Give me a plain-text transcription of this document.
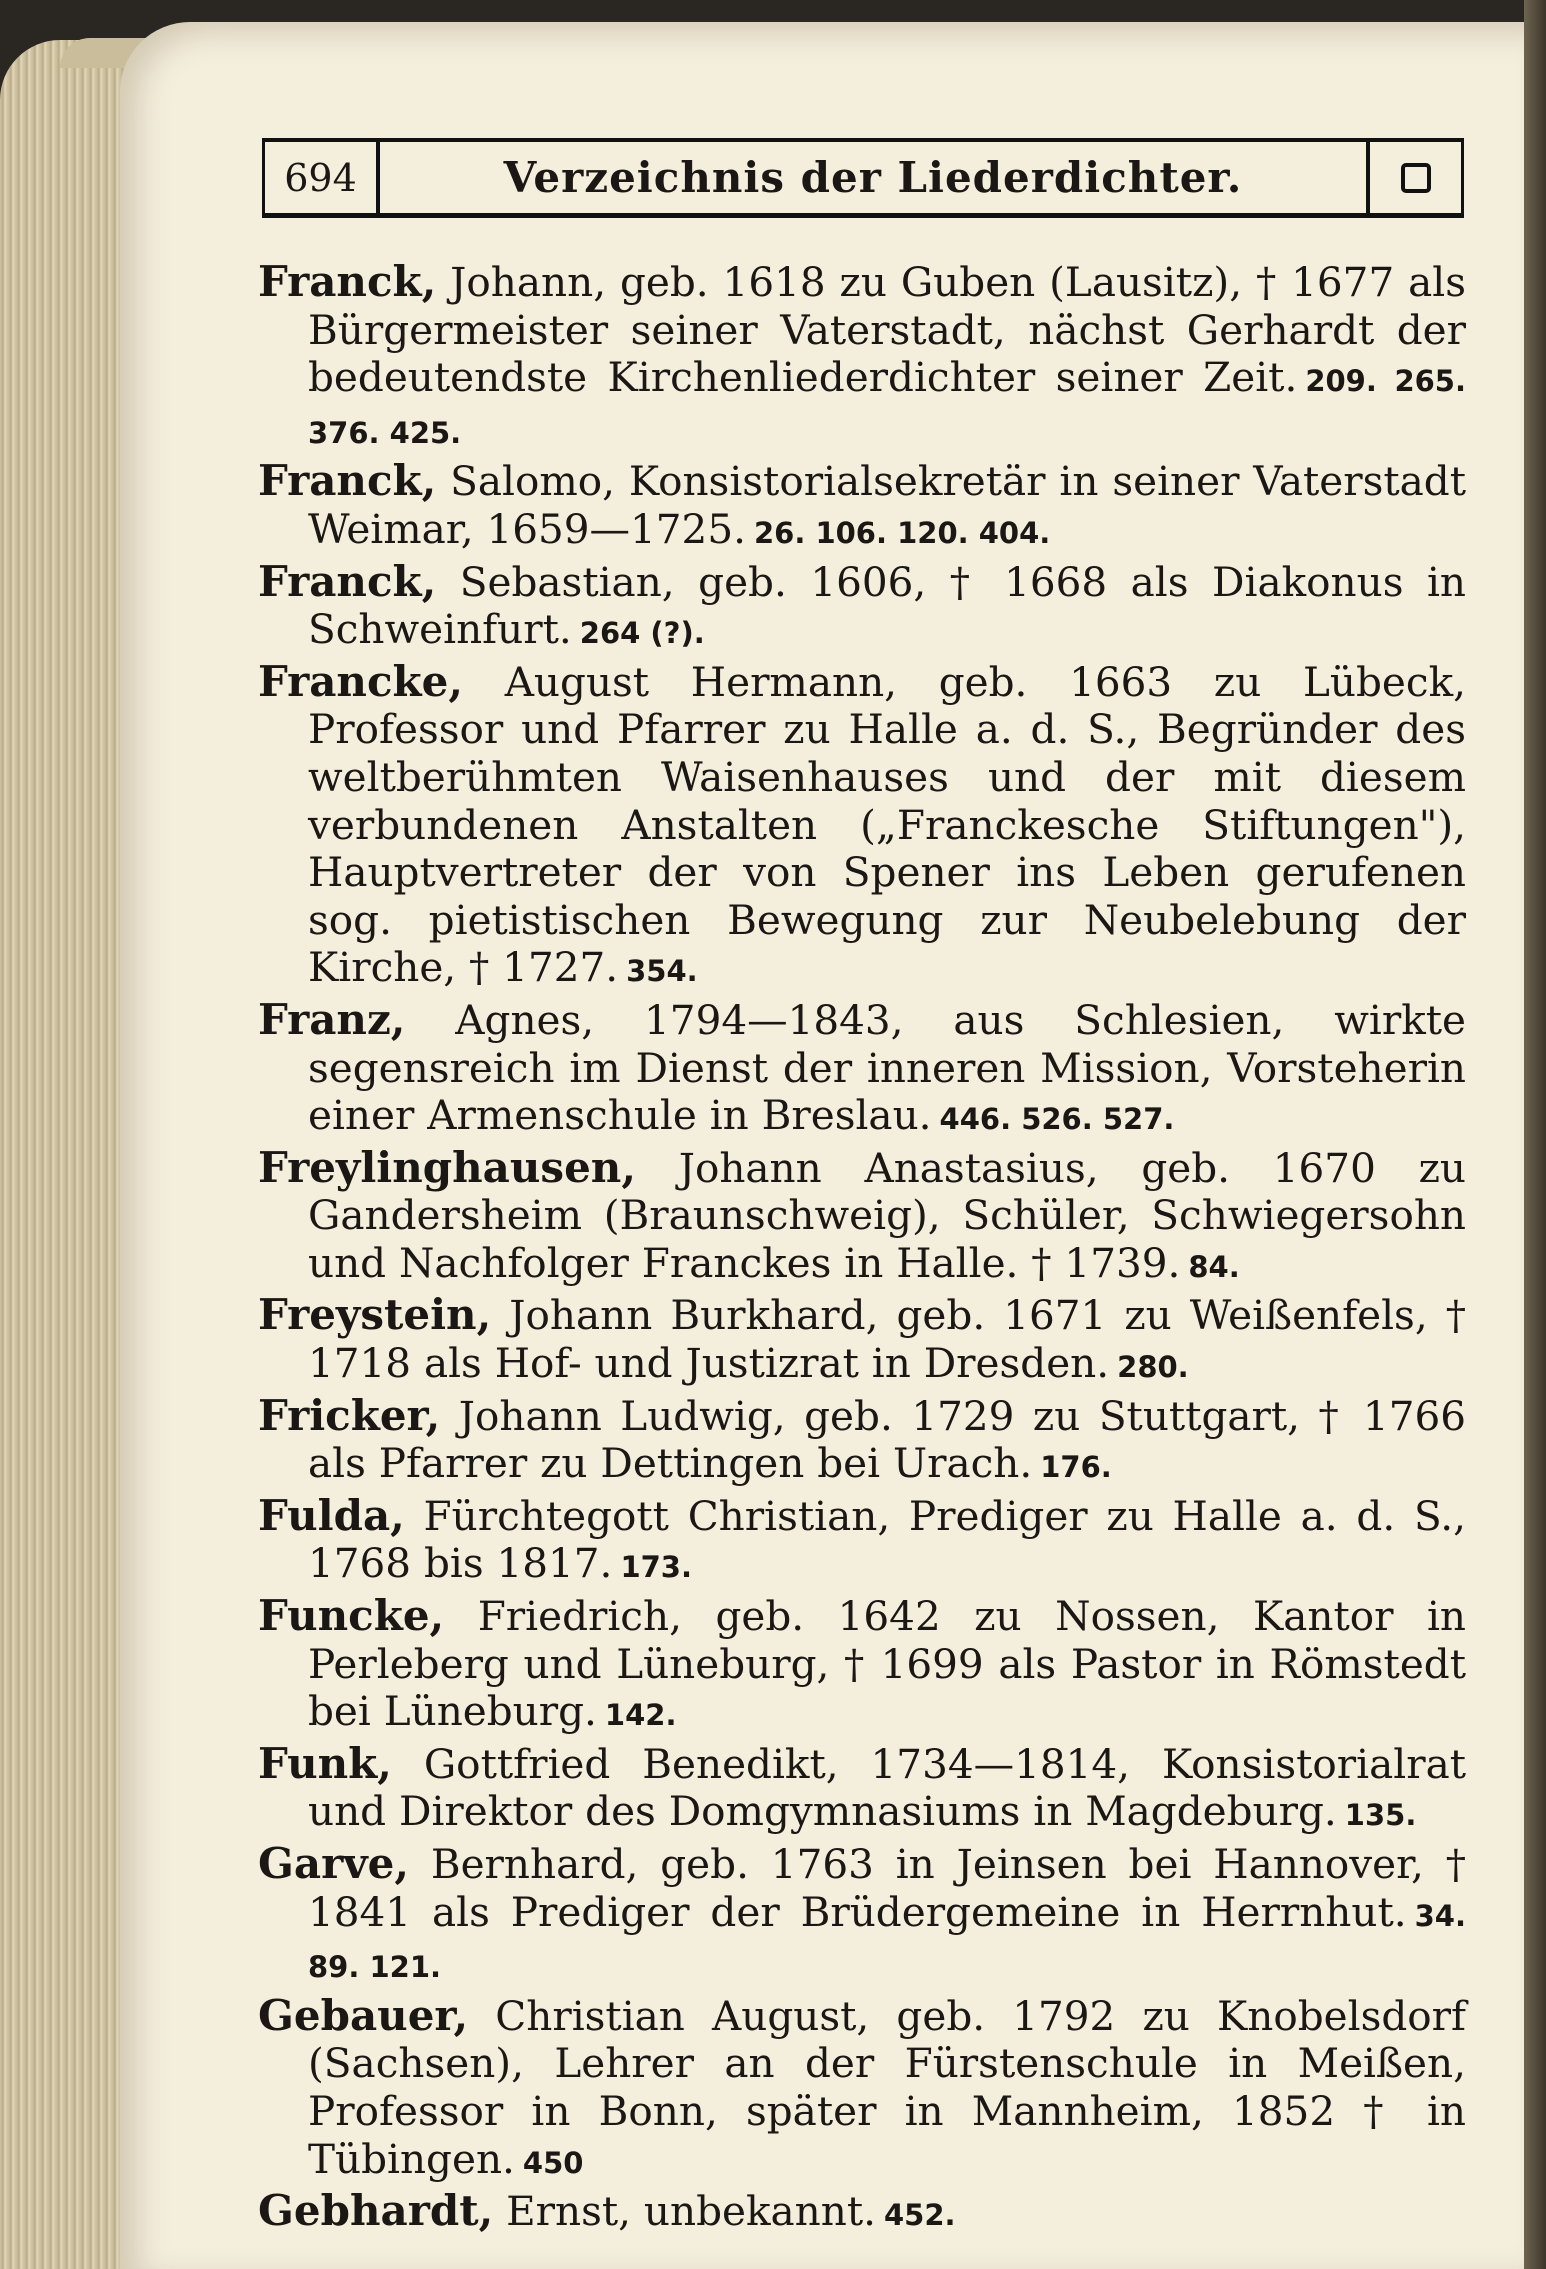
694	Verzeichnis der Liederdichter.

Franck, Johann, geb. 1618 zu Guben (Lausitz), † 1677 als Bürgermeister seiner Vaterstadt, nächst Gerhardt der bedeutendste Kirchenliederdichter seiner Zeit. 209. 265. 376. 425.

Franck, Salomo, Konsistorialsekretär in seiner Vaterstadt Weimar, 1659—1725. 26. 106. 120. 404.

Franck, Sebastian, geb. 1606, † 1668 als Diakonus in Schweinfurt. 264 (?).

Francke, August Hermann, geb. 1663 zu Lübeck, Professor und Pfarrer zu Halle a. d. S., Begründer des weltberühmten Waisenhauses und der mit diesem verbundenen Anstalten („Franckesche Stiftungen"), Hauptvertreter der von Spener ins Leben gerufenen sog. pietistischen Bewegung zur Neubelebung der Kirche, † 1727. 354.

Franz, Agnes, 1794—1843, aus Schlesien, wirkte segensreich im Dienst der inneren Mission, Vorsteherin einer Armenschule in Breslau. 446. 526. 527.

Freylinghausen, Johann Anastasius, geb. 1670 zu Gandersheim (Braunschweig), Schüler, Schwiegersohn und Nachfolger Franckes in Halle. † 1739. 84.

Freystein, Johann Burkhard, geb. 1671 zu Weißenfels, † 1718 als Hof- und Justizrat in Dresden. 280.

Fricker, Johann Ludwig, geb. 1729 zu Stuttgart, † 1766 als Pfarrer zu Dettingen bei Urach. 176.

Fulda, Fürchtegott Christian, Prediger zu Halle a. d. S., 1768 bis 1817. 173.

Funcke, Friedrich, geb. 1642 zu Nossen, Kantor in Perleberg und Lüneburg, † 1699 als Pastor in Römstedt bei Lüneburg. 142.

Funk, Gottfried Benedikt, 1734—1814, Konsistorialrat und Direktor des Domgymnasiums in Magdeburg. 135.

Garve, Bernhard, geb. 1763 in Jeinsen bei Hannover, † 1841 als Prediger der Brüdergemeine in Herrnhut. 34. 89. 121.

Gebauer, Christian August, geb. 1792 zu Knobelsdorf (Sachsen), Lehrer an der Fürstenschule in Meißen, Professor in Bonn, später in Mannheim, 1852 † in Tübingen. 450

Gebhardt, Ernst, unbekannt. 452.
